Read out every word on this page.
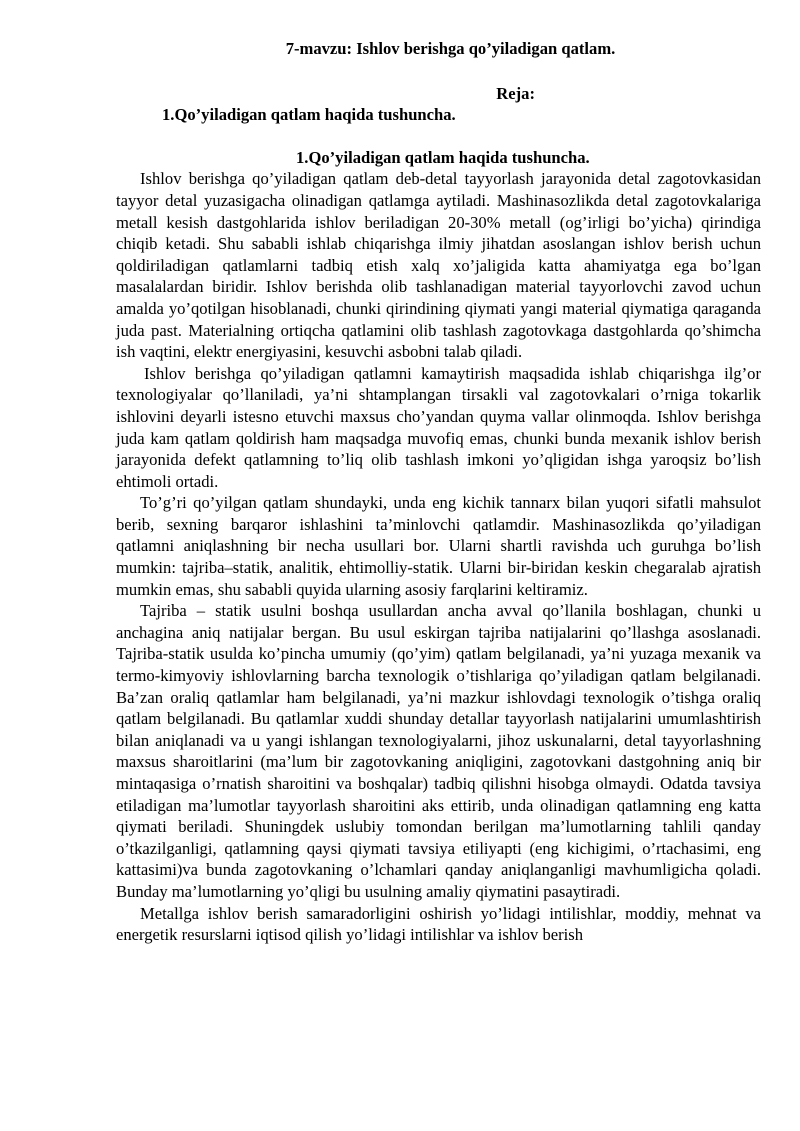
7-mavzu: Ishlov berishga qo’yiladigan qatlam.
Reja:
1.Qo’yiladigan qatlam haqida tushuncha.
1.Qo’yiladigan qatlam haqida tushuncha.

Ishlov berishga qo’yiladigan qatlam deb-detal tayyorlash jarayonida detal zagotovkasidan tayyor detal yuzasigacha olinadigan qatlamga aytiladi. Mashinasozlikda detal zagotovkalariga metall kesish dastgohlarida ishlov beriladigan 20-30% metall (og’irligi bo’yicha) qirindiga chiqib ketadi. Shu sababli ishlab chiqarishga ilmiy jihatdan asoslangan ishlov berish uchun qoldiriladigan qatlamlarni tadbiq etish xalq xo’jaligida katta ahamiyatga ega bo’lgan masalalardan biridir. Ishlov berishda olib tashlanadigan material tayyorlovchi zavod uchun amalda yo’qotilgan hisoblanadi, chunki qirindining qiymati yangi material qiymatiga qaraganda juda past. Materialning ortiqcha qatlamini olib tashlash zagotovkaga dastgohlarda qo’shimcha ish vaqtini, elektr energiyasini, kesuvchi asbobni talab qiladi.

Ishlov berishga qo’yiladigan qatlamni kamaytirish maqsadida ishlab chiqarishga ilg’or texnologiyalar qo’llaniladi, ya’ni shtamplangan tirsakli val zagotovkalari o’rniga tokarlik ishlovini deyarli istesno etuvchi maxsus cho’yandan quyma vallar olinmoqda. Ishlov berishga juda kam qatlam qoldirish ham maqsadga muvofiq emas, chunki bunda mexanik ishlov berish jarayonida defekt qatlamning to’liq olib tashlash imkoni yo’qligidan ishga yaroqsiz bo’lish ehtimoli ortadi.

To’g’ri qo’yilgan qatlam shundayki, unda eng kichik tannarx bilan yuqori sifatli mahsulot berib, sexning barqaror ishlashini ta’minlovchi qatlamdir. Mashinasozlikda qo’yiladigan qatlamni aniqlashning bir necha usullari bor. Ularni shartli ravishda uch guruhga bo’lish mumkin: tajriba–statik, analitik, ehtimolliy-statik. Ularni bir-biridan keskin chegaralab ajratish mumkin emas, shu sababli quyida ularning asosiy farqlarini keltiramiz.

Tajriba – statik usulni boshqa usullardan ancha avval qo’llanila boshlagan, chunki u anchagina aniq natijalar bergan. Bu usul eskirgan tajriba natijalarini qo’llashga asoslanadi. Tajriba-statik usulda ko’pincha umumiy (qo’yim) qatlam belgilanadi, ya’ni yuzaga mexanik va termo-kimyoviy ishlovlarning barcha texnologik o’tishlariga qo’yiladigan qatlam belgilanadi. Ba’zan oraliq qatlamlar ham belgilanadi, ya’ni mazkur ishlovdagi texnologik o’tishga oraliq qatlam belgilanadi. Bu qatlamlar xuddi shunday detallar tayyorlash natijalarini umumlashtirish bilan aniqlanadi va u yangi ishlangan texnologiyalarni, jihoz uskunalarni, detal tayyorlashning maxsus sharoitlarini (ma’lum bir zagotovkaning aniqligini, zagotovkani dastgohning aniq bir mintaqasiga o’rnatish sharoitini va boshqalar) tadbiq qilishni hisobga olmaydi. Odatda tavsiya etiladigan ma’lumotlar tayyorlash sharoitini aks ettirib, unda olinadigan qatlamning eng katta qiymati beriladi. Shuningdek uslubiy tomondan berilgan ma’lumotlarning tahlili qanday o’tkazilganligi, qatlamning qaysi qiymati tavsiya etiliyapti (eng kichigimi, o’rtachasimi, eng kattasimi)va bunda zagotovkaning o’lchamlari qanday aniqlanganligi mavhumligicha qoladi. Bunday ma’lumotlarning yo’qligi bu usulning amaliy qiymatini pasaytiradi.

Metallga ishlov berish samaradorligini oshirish yo’lidagi intilishlar, moddiy, mehnat va energetik resurslarni iqtisod qilish yo’lidagi intilishlar va ishlov berish
